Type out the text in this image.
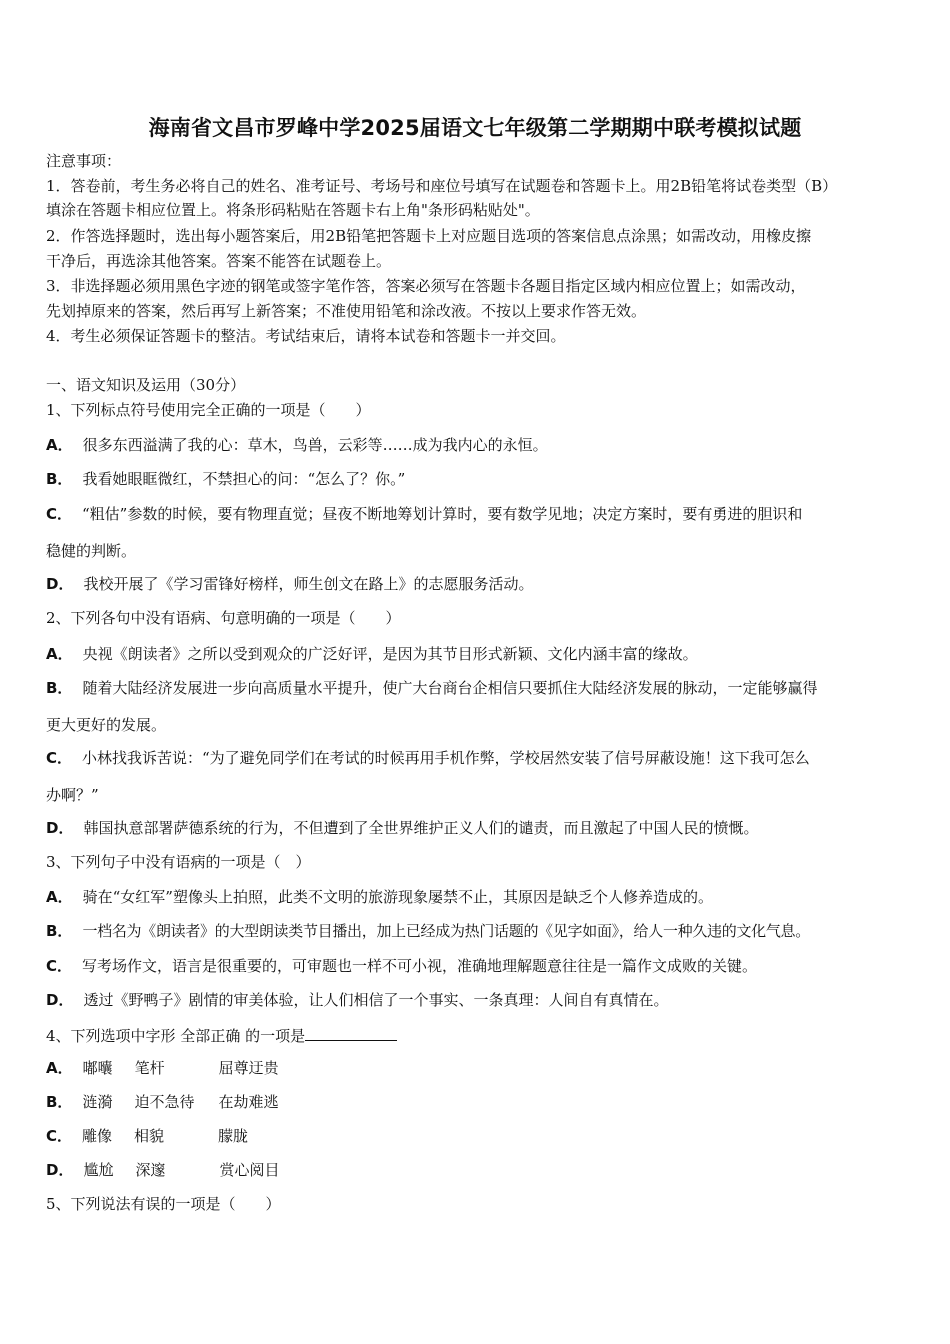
海南省文昌市罗峰中学2025届语文七年级第二学期期中联考模拟试题
注意事项：
1．答卷前，考生务必将自己的姓名、准考证号、考场号和座位号填写在试题卷和答题卡上。用2B铅笔将试卷类型（B）
填涂在答题卡相应位置上。将条形码粘贴在答题卡右上角"条形码粘贴处"。
2．作答选择题时，选出每小题答案后，用2B铅笔把答题卡上对应题目选项的答案信息点涂黑；如需改动，用橡皮擦
干净后，再选涂其他答案。答案不能答在试题卷上。
3．非选择题必须用黑色字迹的钢笔或签字笔作答，答案必须写在答题卡各题目指定区域内相应位置上；如需改动，
先划掉原来的答案，然后再写上新答案；不准使用铅笔和涂改液。不按以上要求作答无效。
4．考生必须保证答题卡的整洁。考试结束后，请将本试卷和答题卡一并交回。
一、语文知识及运用（30分）
1、下列标点符号使用完全正确的一项是（　　）
A． 很多东西溢满了我的心：草木，鸟兽，云彩等……成为我内心的永恒。
B． 我看她眼眶微红，不禁担心的问：“怎么了？你。”
C． “粗估”参数的时候，要有物理直觉；昼夜不断地筹划计算时，要有数学见地；决定方案时，要有勇进的胆识和
稳健的判断。
D． 我校开展了《学习雷锋好榜样，师生创文在路上》的志愿服务活动。
2、下列各句中没有语病、句意明确的一项是（　　）
A． 央视《朗读者》之所以受到观众的广泛好评，是因为其节目形式新颖、文化内涵丰富的缘故。
B． 随着大陆经济发展进一步向高质量水平提升，使广大台商台企相信只要抓住大陆经济发展的脉动，一定能够赢得
更大更好的发展。
C． 小林找我诉苦说：“为了避免同学们在考试的时候再用手机作弊，学校居然安装了信号屏蔽设施！这下我可怎么
办啊？”
D． 韩国执意部署萨德系统的行为，不但遭到了全世界维护正义人们的谴责，而且激起了中国人民的愤慨。
3、下列句子中没有语病的一项是（　）
A． 骑在“女红军”塑像头上拍照，此类不文明的旅游现象屡禁不止，其原因是缺乏个人修养造成的。
B． 一档名为《朗读者》的大型朗读类节目播出，加上已经成为热门话题的《见字如面》，给人一种久违的文化气息。
C． 写考场作文，语言是很重要的，可审题也一样不可小视，准确地理解题意往往是一篇作文成败的关键。
D． 透过《野鸭子》剧情的审美体验，让人们相信了一个事实、一条真理：人间自有真情在。
4、下列选项中字形 全部正确 的一项是
A． 嘟囔 笔杆	屈尊迂贵
B． 涟漪 迫不急待 在劫难逃
C． 雕像 相貌	朦胧
D． 尴尬 深邃	赏心阅目
5、下列说法有误的一项是（　　）
